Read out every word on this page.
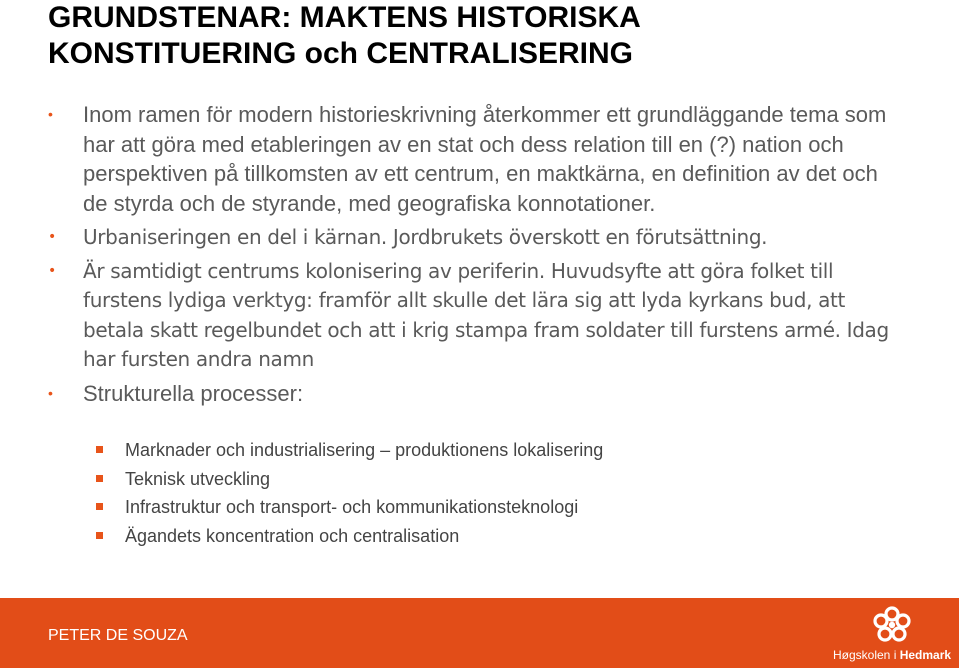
GRUNDSTENAR: MAKTENS HISTORISKA
KONSTITUERING och CENTRALISERING
• Inom ramen för modern historieskrivning återkommer ett grundläggande tema som har att göra med etableringen av en stat och dess relation till en (?) nation och perspektiven på tillkomsten av ett centrum, en maktkärna, en definition av det och de styrda och de styrande, med geografiska konnotationer.
• Urbaniseringen en del i kärnan. Jordbrukets överskott en förutsättning.
• Är samtidigt centrums kolonisering av periferin. Huvudsyfte att göra folket till furstens lydiga verktyg: framför allt skulle det lära sig att lyda kyrkans bud, att betala skatt regelbundet och att i krig stampa fram soldater till furstens armé. Idag har fursten andra namn
• Strukturella processer:
Marknader och industrialisering – produktionens lokalisering
Teknisk utveckling
Infrastruktur och transport- och kommunikationsteknologi
Ägandets koncentration och centralisation
PETER DE SOUZA
Høgskolen i Hedmark
